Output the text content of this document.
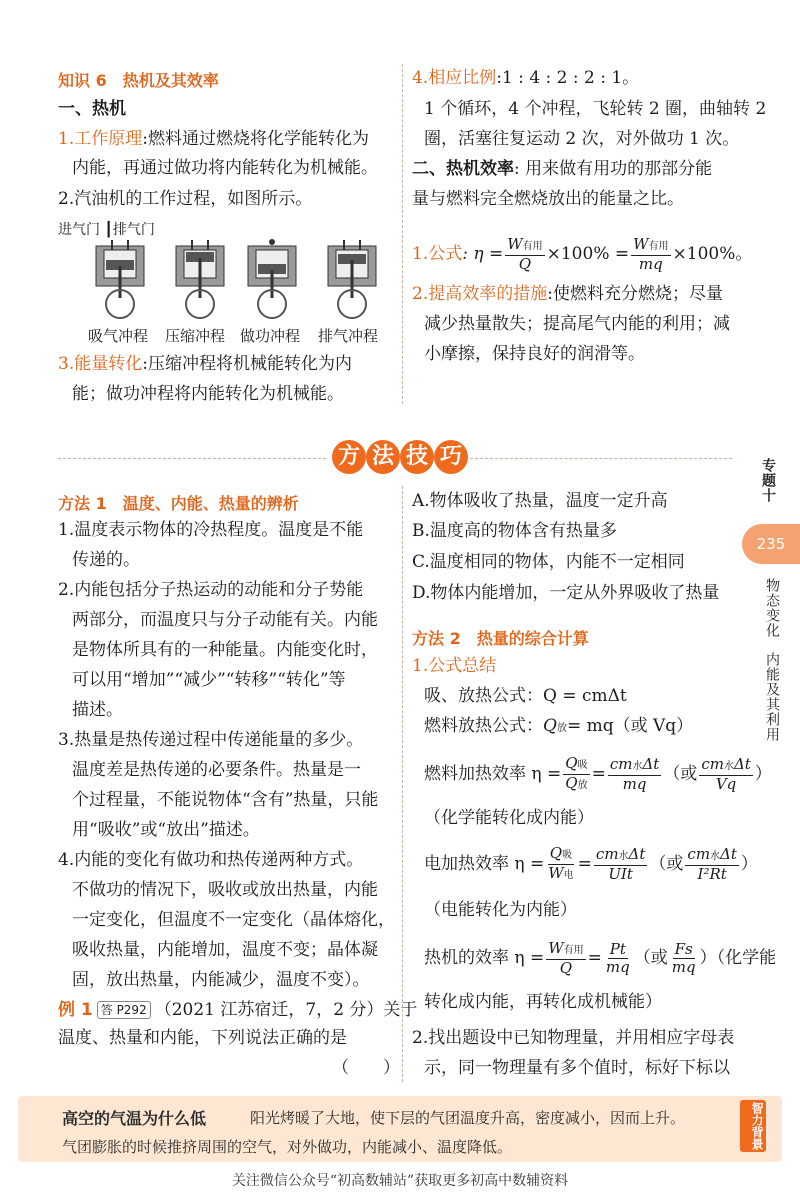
知识 6　热机及其效率
一、热机
1.工作原理:燃料通过燃烧将化学能转化为
内能，再通过做功将内能转化为机械能。
2.汽油机的工作过程，如图所示。
进气门 ┃排气门
吸气冲程 压缩冲程 做功冲程 排气冲程
3.能量转化:压缩冲程将机械能转化为内
能；做功冲程将内能转化为机械能。
4.相应比例:1 : 4 : 2 : 2 : 1。
1 个循环，4 个冲程，飞轮转 2 圈，曲轴转 2
圈，活塞往复运动 2 次，对外做功 1 次。
二、热机效率: 用来做有用功的那部分能
量与燃料完全燃烧放出的能量之比。
1.公式 : $\eta = \frac{\text{W有用}}{Q} \times 100\% = \frac{\text{W有用}}{mq} \times 100\%$。
2.提高效率的措施:使燃料充分燃烧；尽量
减少热量散失；提高尾气内能的利用；减
小摩擦，保持良好的润滑等。
方 法 技 巧
专题十
235
物态变化
内能及其利用
方法 1　温度、内能、热量的辨析
1.温度表示物体的冷热程度。温度是不能
传递的。
2.内能包括分子热运动的动能和分子势能
两部分，而温度只与分子动能有关。内能
是物体所具有的一种能量。内能变化时，
可以用“增加”“减少”“转移”“转化”等
描述。
3.热量是热传递过程中传递能量的多少。
温度差是热传递的必要条件。热量是一
个过程量，不能说物体“含有”热量，只能
用“吸收”或“放出”描述。
4.内能的变化有做功和热传递两种方式。
不做功的情况下，吸收或放出热量，内能
一定变化，但温度不一定变化（晶体熔化，
吸收热量，内能增加，温度不变；晶体凝
固，放出热量，内能减少，温度不变）。
例 1 答 P292 （2021 江苏宿迁，7，2 分）关于
温度、热量和内能，下列说法正确的是
（　　）
A.物体吸收了热量，温度一定升高
B.温度高的物体含有热量多
C.温度相同的物体，内能不一定相同
D.物体内能增加，一定从外界吸收了热量
方法 2　热量的综合计算
1.公式总结
吸、放热公式：Q = cmΔt
燃料放热公式：Q放= mq（或 Vq）
燃料加热效率 $\eta = \frac{\text{Q吸}}{\text{Q放}} = \frac{\text{cm水Δt}}{mq}$ （或 $\frac{\text{cm水Δt}}{Vq}$ ）
（化学能转化成内能）
电加热效率 $\eta = \frac{\text{Q吸}}{\text{W电}} = \frac{\text{cm水Δt}}{\text{UIt}}$ （或 $\frac{\text{cm水Δt}}{\text{I²Rt}}$ ）
（电能转化为内能）
热机的效率 $\eta = \frac{\text{W有用}}{Q} = \frac{Pt}{mq}$ （或 $\frac{Fs}{mq}$ ）（化学能
转化成内能，再转化成机械能）
2.找出题设中已知物理量，并用相应字母表
示，同一物理量有多个值时，标好下标以
高空的气温为什么低	阳光烤暖了大地，使下层的气团温度升高，密度减小，因而上升。
气团膨胀的时候推挤周围的空气，对外做功，内能减小、温度降低。	智力背景
关注微信公众号“初高数辅站”获取更多初高中数辅资料
